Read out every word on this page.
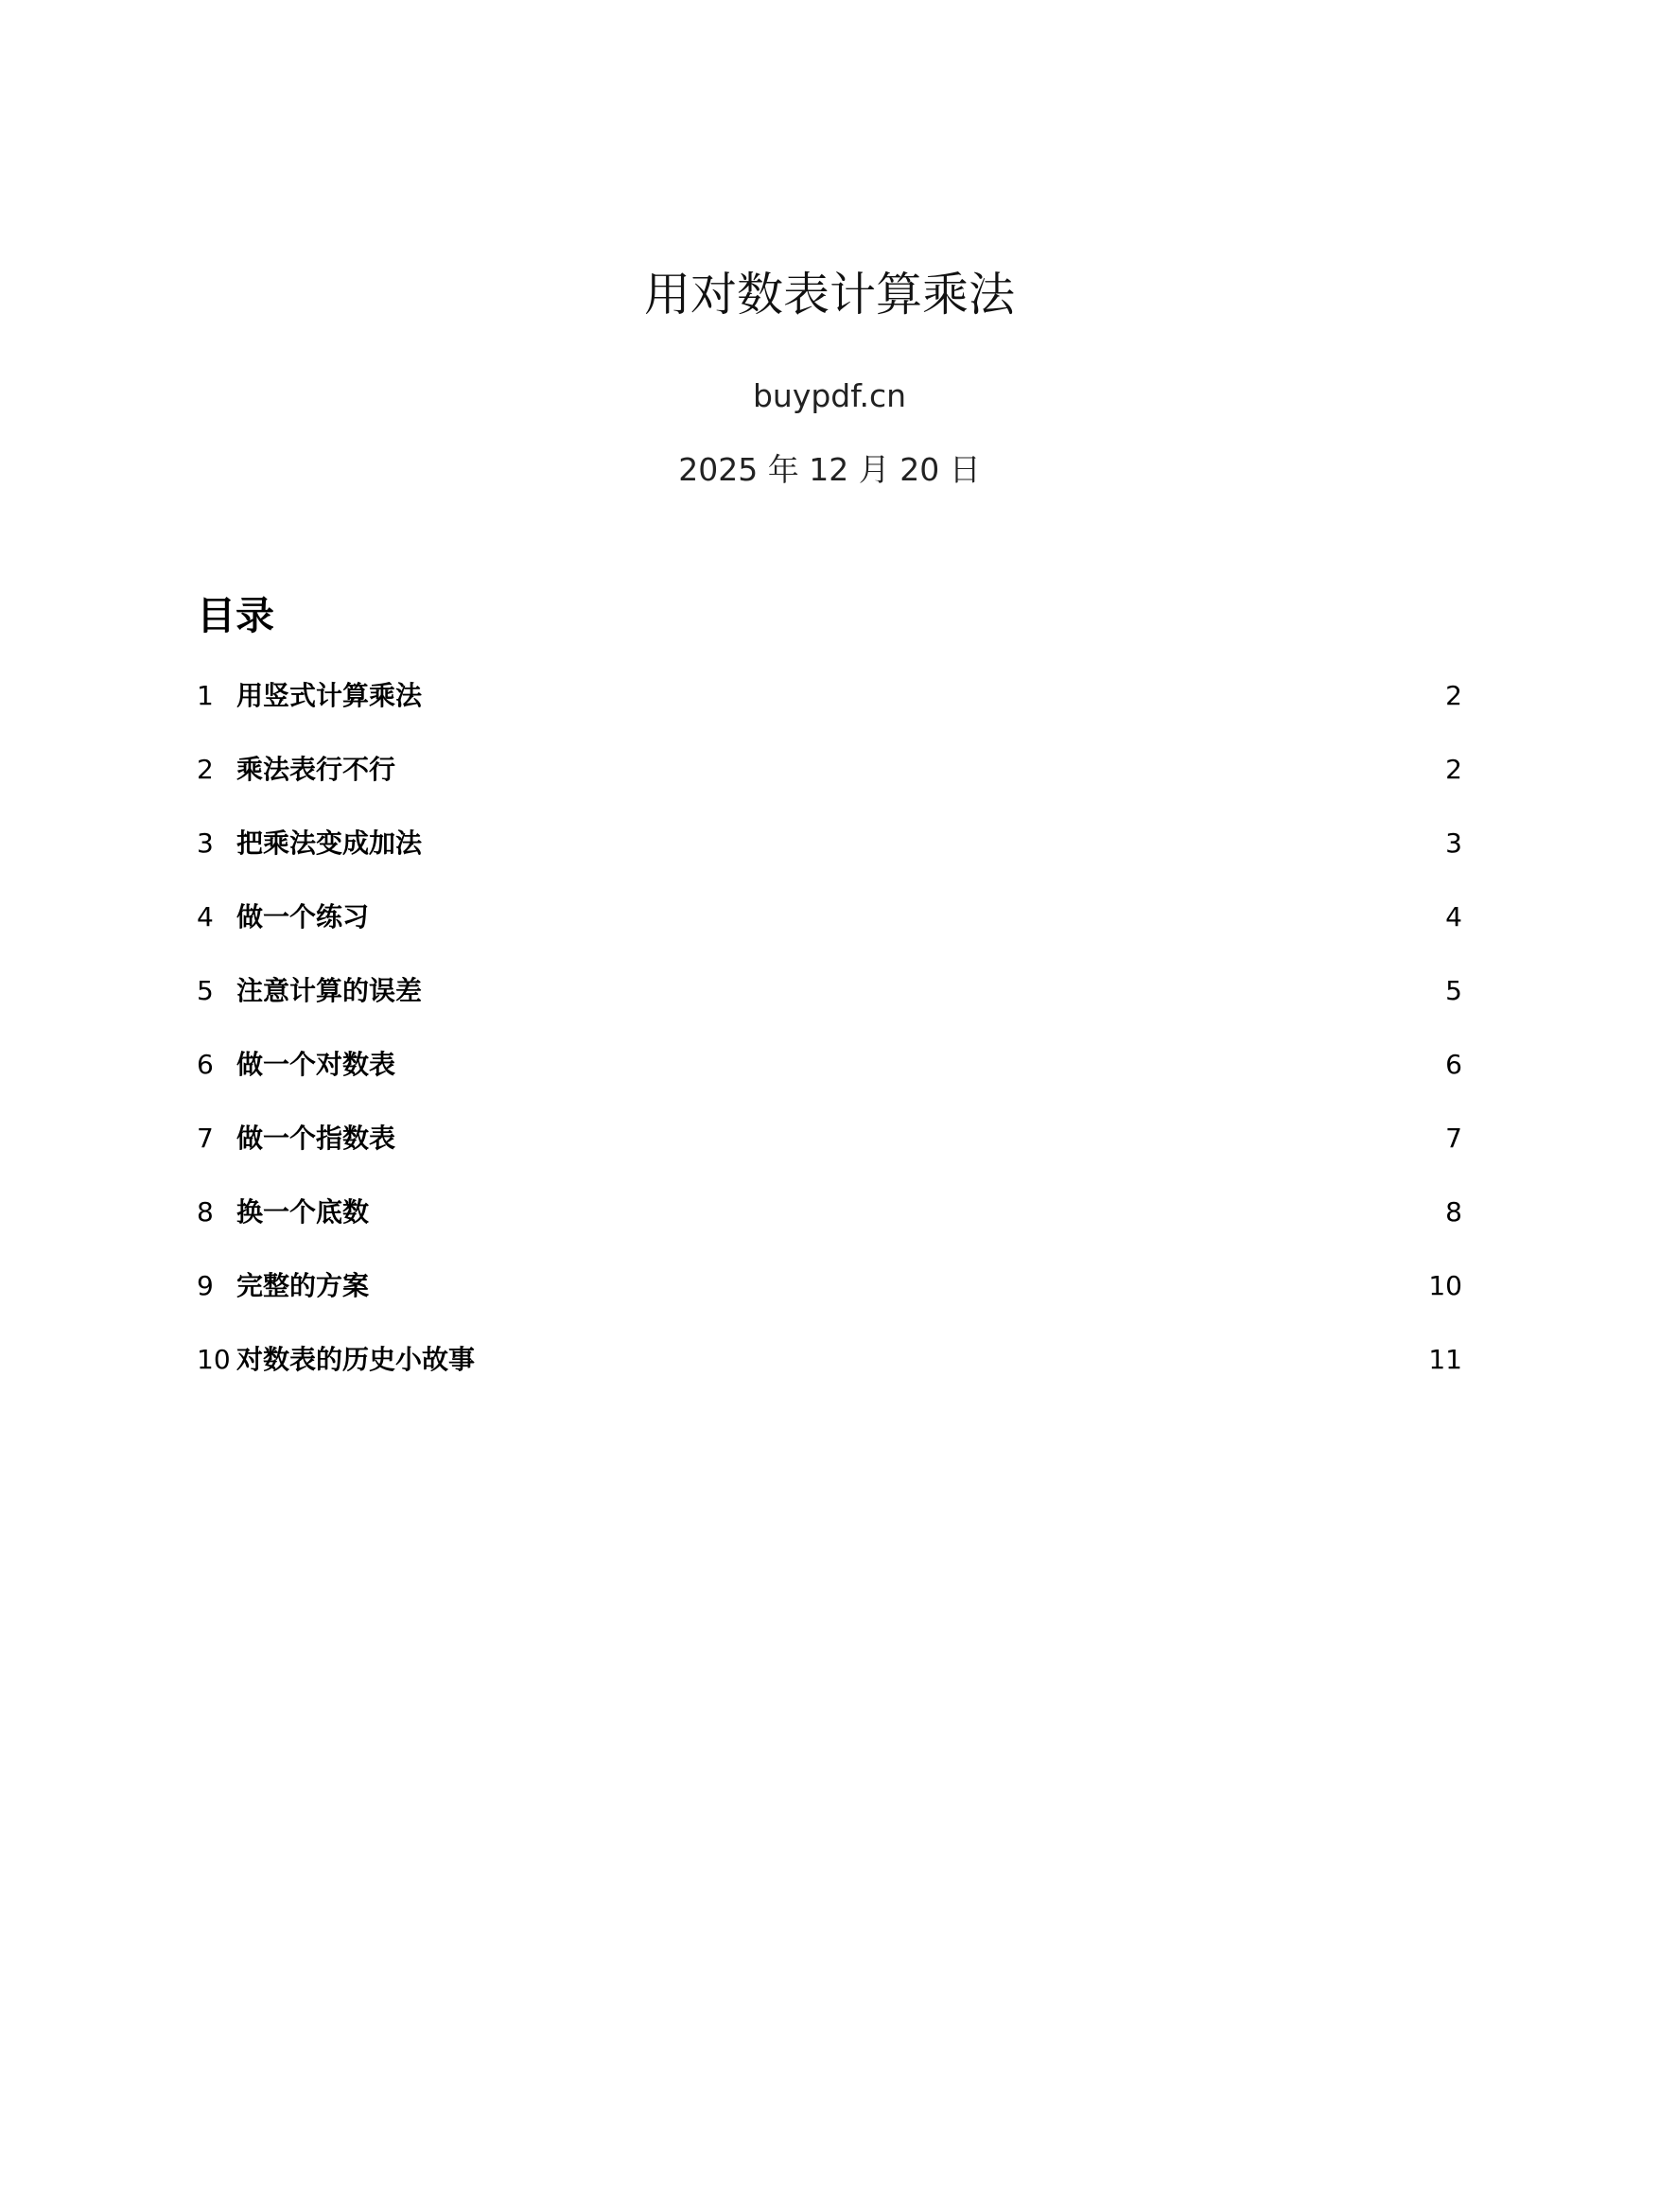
用对数表计算乘法
buypdf.cn
2025 年 12 月 20 日
目录
1 用竖式计算乘法	2
2 乘法表行不行	2
3 把乘法变成加法	3
4 做一个练习	4
5 注意计算的误差	5
6 做一个对数表	6
7 做一个指数表	7
8 换一个底数	8
9 完整的方案	10
10 对数表的历史小故事	11
